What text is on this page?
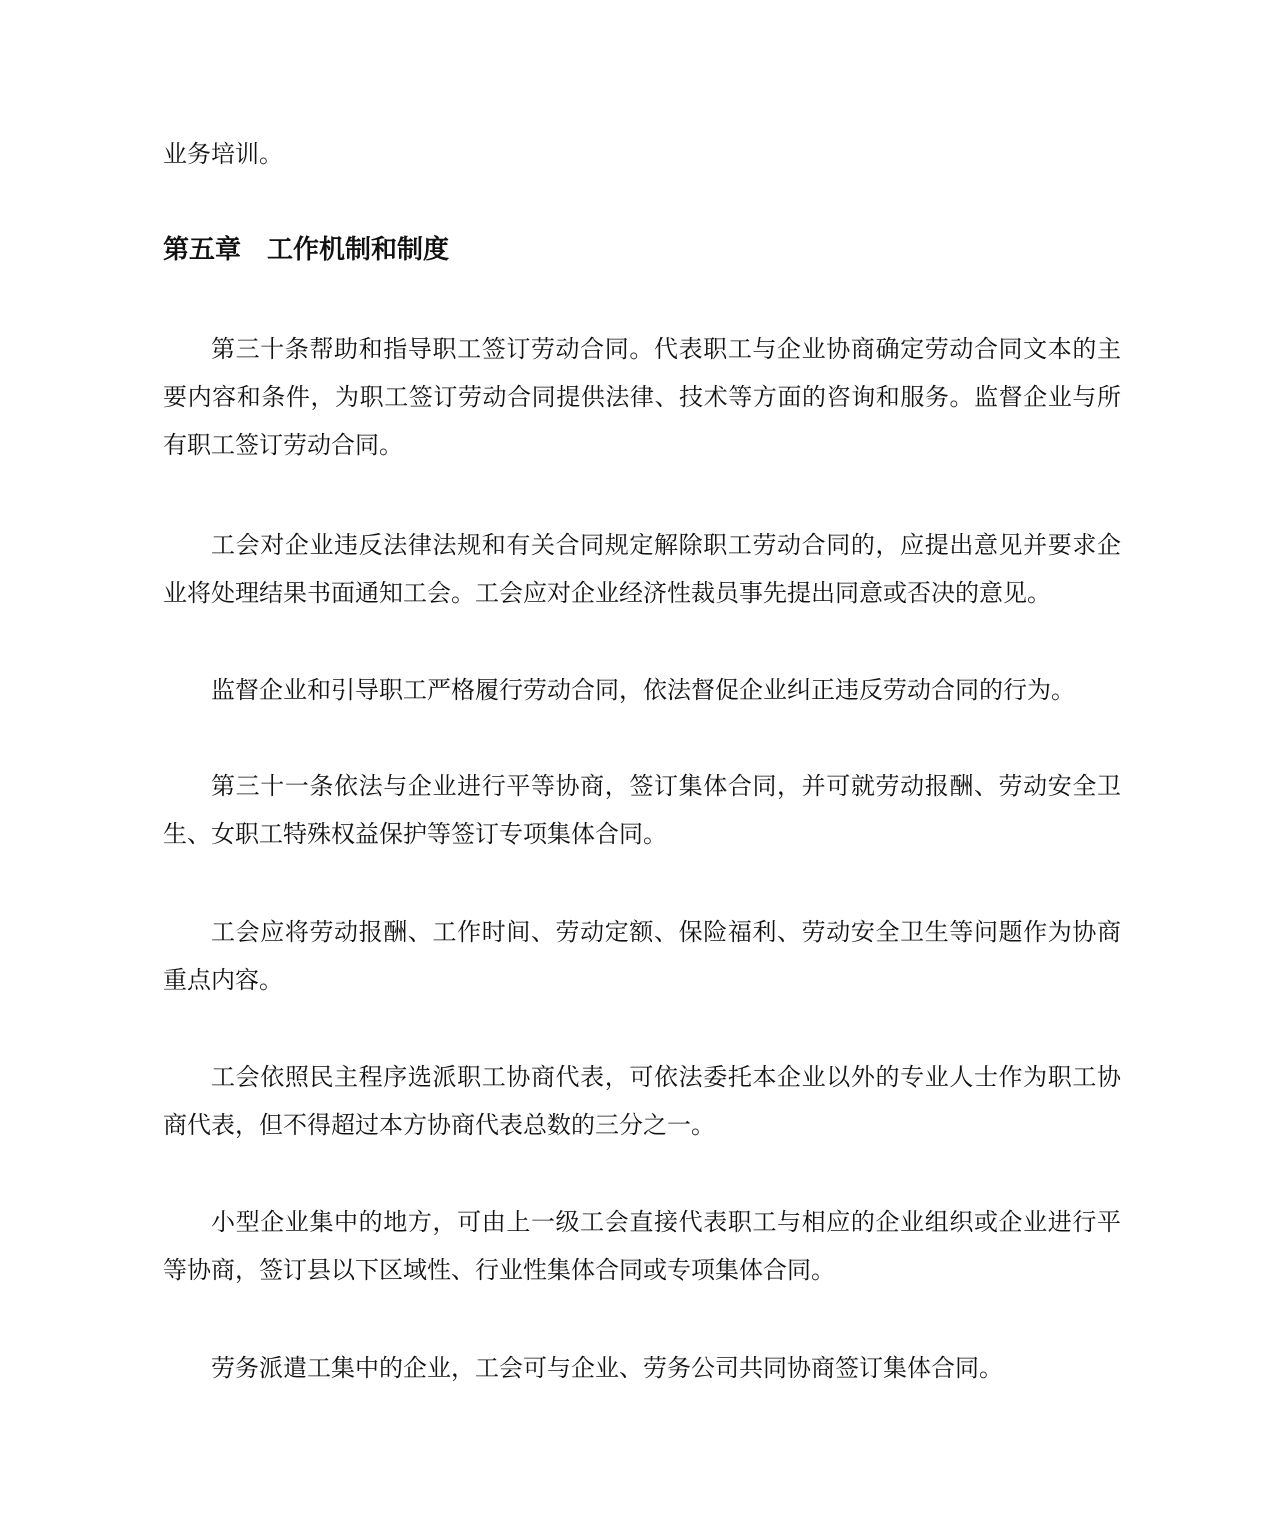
业务培训。
第五章　工作机制和制度
第三十条帮助和指导职工签订劳动合同。代表职工与企业协商确定劳动合同文本的主要内容和条件，为职工签订劳动合同提供法律、技术等方面的咨询和服务。监督企业与所有职工签订劳动合同。
工会对企业违反法律法规和有关合同规定解除职工劳动合同的，应提出意见并要求企业将处理结果书面通知工会。工会应对企业经济性裁员事先提出同意或否决的意见。
监督企业和引导职工严格履行劳动合同，依法督促企业纠正违反劳动合同的行为。
第三十一条依法与企业进行平等协商，签订集体合同，并可就劳动报酬、劳动安全卫生、女职工特殊权益保护等签订专项集体合同。
工会应将劳动报酬、工作时间、劳动定额、保险福利、劳动安全卫生等问题作为协商重点内容。
工会依照民主程序选派职工协商代表，可依法委托本企业以外的专业人士作为职工协商代表，但不得超过本方协商代表总数的三分之一。
小型企业集中的地方，可由上一级工会直接代表职工与相应的企业组织或企业进行平等协商，签订县以下区域性、行业性集体合同或专项集体合同。
劳务派遣工集中的企业，工会可与企业、劳务公司共同协商签订集体合同。
